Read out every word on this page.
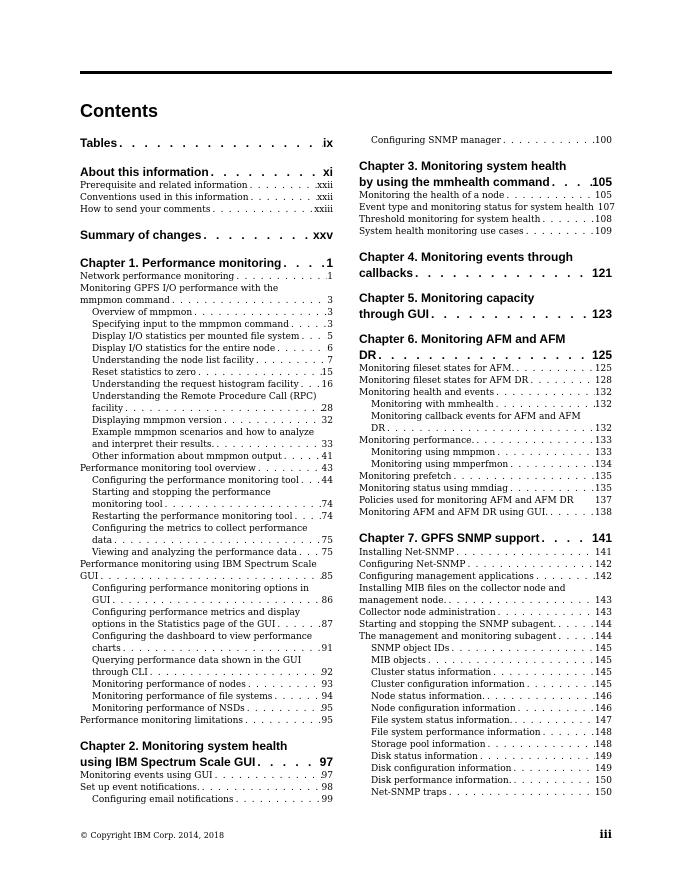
Contents
Tables . . .	ix
About this information . . .	xi
Prerequisite and related information . . .	xxii
Conventions used in this information . . .	xxii
How to send your comments . . .	xxiii
Summary of changes . . .	xxv
Chapter 1. Performance monitoring . . .	1
Network performance monitoring . . .	1
Monitoring GPFS I/O performance with the
mmpmon command . . .	3
Overview of mmpmon . . .	3
Specifying input to the mmpmon command . . .	3
Display I/O statistics per mounted file system . . .	5
Display I/O statistics for the entire node . . .	6
Understanding the node list facility . . .	7
Reset statistics to zero . . .	15
Understanding the request histogram facility . . .	16
Understanding the Remote Procedure Call (RPC)
facility . . .	28
Displaying mmpmon version . . .	32
Example mmpmon scenarios and how to analyze
and interpret their results. . . .	33
Other information about mmpmon output . . .	41
Performance monitoring tool overview . . .	43
Configuring the performance monitoring tool . . .	44
Starting and stopping the performance
monitoring tool . . .	74
Restarting the performance monitoring tool . . .	74
Configuring the metrics to collect performance
data . . .	75
Viewing and analyzing the performance data . . .	75
Performance monitoring using IBM Spectrum Scale
GUI . . .	85
Configuring performance monitoring options in
GUI . . .	86
Configuring performance metrics and display
options in the Statistics page of the GUI . . .	87
Configuring the dashboard to view performance
charts . . .	91
Querying performance data shown in the GUI
through CLI . . .	92
Monitoring performance of nodes . . .	93
Monitoring performance of file systems . . .	94
Monitoring performance of NSDs . . .	95
Performance monitoring limitations . . .	95
Chapter 2. Monitoring system health
using IBM Spectrum Scale GUI . . .	97
Monitoring events using GUI . . .	97
Set up event notifications. . . .	98
Configuring email notifications . . .	99
Configuring SNMP manager . . .	100
Chapter 3. Monitoring system health
by using the mmhealth command . . .	105
Monitoring the health of a node . . .	105
Event type and monitoring status for system health 107
Threshold monitoring for system health . . .	108
System health monitoring use cases . . .	109
Chapter 4. Monitoring events through
callbacks . . .	121
Chapter 5. Monitoring capacity
through GUI . . .	123
Chapter 6. Monitoring AFM and AFM
DR . . .	125
Monitoring fileset states for AFM. . . .	125
Monitoring fileset states for AFM DR . . .	128
Monitoring health and events . . .	132
Monitoring with mmhealth . . .	132
Monitoring callback events for AFM and AFM
DR . . .	132
Monitoring performance. . . .	133
Monitoring using mmpmon . . .	133
Monitoring using mmperfmon . . .	134
Monitoring prefetch . . .	135
Monitoring status using mmdiag . . .	135
Policies used for monitoring AFM and AFM DR 137
Monitoring AFM and AFM DR using GUI. . . .	138
Chapter 7. GPFS SNMP support . . .	141
Installing Net-SNMP . . .	141
Configuring Net-SNMP . . .	142
Configuring management applications . . .	142
Installing MIB files on the collector node and
management node. . . .	143
Collector node administration . . .	143
Starting and stopping the SNMP subagent. . . .	144
The management and monitoring subagent . . .	144
SNMP object IDs . . .	145
MIB objects . . .	145
Cluster status information . . .	145
Cluster configuration information . . .	145
Node status information. . . .	146
Node configuration information . . .	146
File system status information. . . .	147
File system performance information . . .	148
Storage pool information . . .	148
Disk status information . . .	149
Disk configuration information . . .	149
Disk performance information. . . .	150
Net-SNMP traps . . .	150
© Copyright IBM Corp. 2014, 2018	iii
